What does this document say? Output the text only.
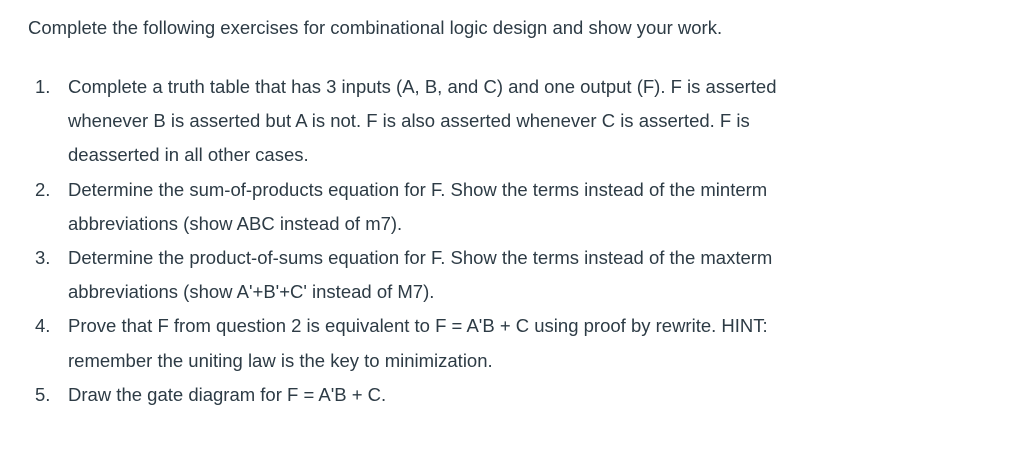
Complete the following exercises for combinational logic design and show your work.
1. Complete a truth table that has 3 inputs (A, B, and C) and one output (F). F is asserted
whenever B is asserted but A is not. F is also asserted whenever C is asserted. F is
deasserted in all other cases.
2. Determine the sum-of-products equation for F. Show the terms instead of the minterm
abbreviations (show ABC instead of m7).
3. Determine the product-of-sums equation for F. Show the terms instead of the maxterm
abbreviations (show A'+B'+C' instead of M7).
4. Prove that F from question 2 is equivalent to F = A'B + C using proof by rewrite. HINT:
remember the uniting law is the key to minimization.
5. Draw the gate diagram for F = A'B + C.
